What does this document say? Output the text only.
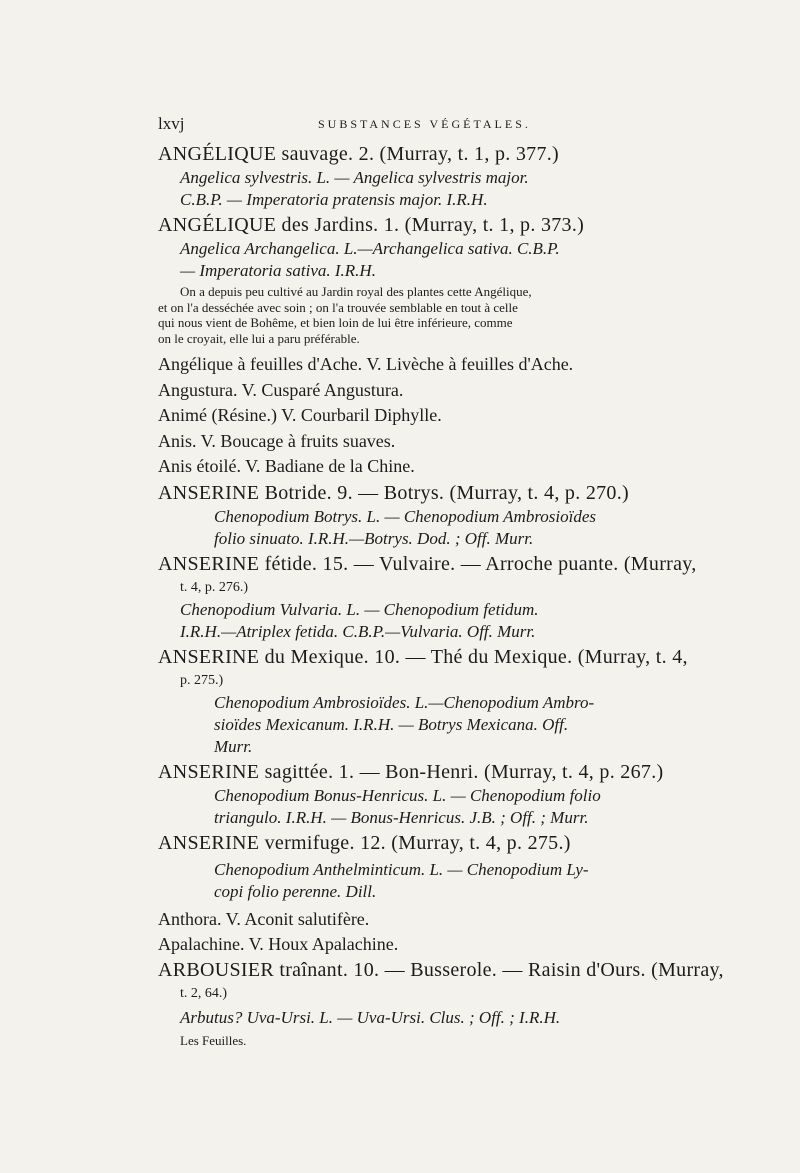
lxvj	SUBSTANCES VÉGÉTALES.
ANGÉLIQUE sauvage. 2. (Murray, t. 1, p. 377.)
Angelica sylvestris. L. — Angelica sylvestris major.
C.B.P. — Imperatoria pratensis major. I.R.H.
ANGÉLIQUE des Jardins. 1. (Murray, t. 1, p. 373.)
Angelica Archangelica. L.—Archangelica sativa. C.B.P.
— Imperatoria sativa. I.R.H.
On a depuis peu cultivé au Jardin royal des plantes cette Angélique,
et on l'a desséchée avec soin ; on l'a trouvée semblable en tout à celle
qui nous vient de Bohême, et bien loin de lui être inférieure, comme
on le croyait, elle lui a paru préférable.
Angélique à feuilles d'Ache. V. Livèche à feuilles d'Ache.
Angustura. V. Cusparé Angustura.
Animé (Résine.) V. Courbaril Diphylle.
Anis. V. Boucage à fruits suaves.
Anis étoilé. V. Badiane de la Chine.
ANSERINE Botride. 9. — Botrys. (Murray, t. 4, p. 270.)
Chenopodium Botrys. L. — Chenopodium Ambrosioïdes
folio sinuato. I.R.H.—Botrys. Dod. ; Off. Murr.
ANSERINE fétide. 15. — Vulvaire. — Arroche puante. (Murray,
t. 4, p. 276.)
Chenopodium Vulvaria. L. — Chenopodium fetidum.
I.R.H.—Atriplex fetida. C.B.P.—Vulvaria. Off. Murr.
ANSERINE du Mexique. 10. — Thé du Mexique. (Murray, t. 4,
p. 275.)
Chenopodium Ambrosioïdes. L.—Chenopodium Ambro-
sioïdes Mexicanum. I.R.H. — Botrys Mexicana. Off.
Murr.
ANSERINE sagittée. 1. — Bon-Henri. (Murray, t. 4, p. 267.)
Chenopodium Bonus-Henricus. L. — Chenopodium folio
triangulo. I.R.H. — Bonus-Henricus. J.B. ; Off. ; Murr.
ANSERINE vermifuge. 12. (Murray, t. 4, p. 275.)
Chenopodium Anthelminticum. L. — Chenopodium Ly-
copi folio perenne. Dill.
Anthora. V. Aconit salutifère.
Apalachine. V. Houx Apalachine.
ARBOUSIER traînant. 10. — Busserole. — Raisin d'Ours. (Murray,
t. 2, 64.)
Arbutus? Uva-Ursi. L. — Uva-Ursi. Clus. ; Off. ; I.R.H.
Les Feuilles.
